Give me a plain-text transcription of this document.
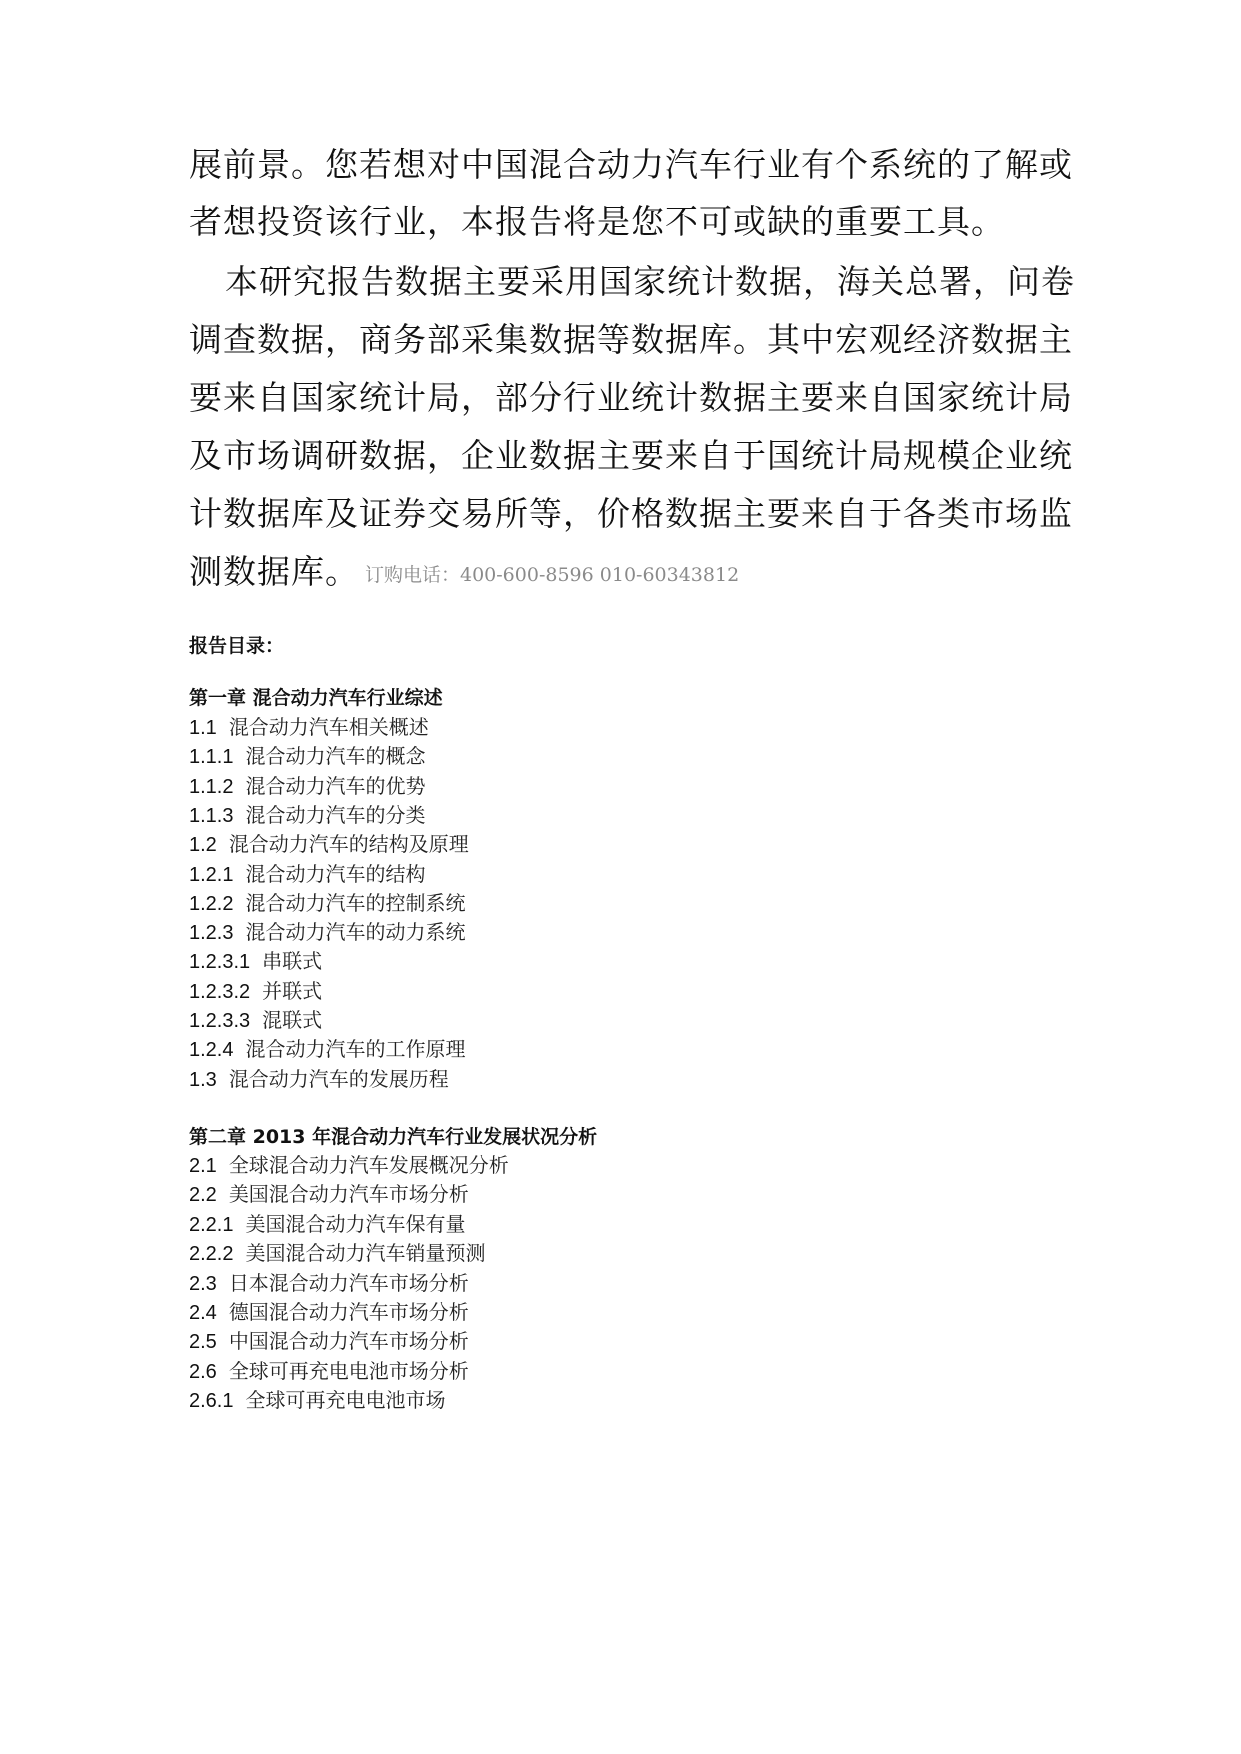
展前景。您若想对中国混合动力汽车行业有个系统的了解或
者想投资该行业，本报告将是您不可或缺的重要工具。
本研究报告数据主要采用国家统计数据，海关总署，问卷
调查数据，商务部采集数据等数据库。其中宏观经济数据主
要来自国家统计局，部分行业统计数据主要来自国家统计局
及市场调研数据，企业数据主要来自于国统计局规模企业统
计数据库及证券交易所等，价格数据主要来自于各类市场监
测数据库。 订购电话：400-600-8596 010-60343812
报告目录：
第一章 混合动力汽车行业综述
1.1 混合动力汽车相关概述
1.1.1 混合动力汽车的概念
1.1.2 混合动力汽车的优势
1.1.3 混合动力汽车的分类
1.2 混合动力汽车的结构及原理
1.2.1 混合动力汽车的结构
1.2.2 混合动力汽车的控制系统
1.2.3 混合动力汽车的动力系统
1.2.3.1 串联式
1.2.3.2 并联式
1.2.3.3 混联式
1.2.4 混合动力汽车的工作原理
1.3 混合动力汽车的发展历程
第二章 2013 年混合动力汽车行业发展状况分析
2.1 全球混合动力汽车发展概况分析
2.2 美国混合动力汽车市场分析
2.2.1 美国混合动力汽车保有量
2.2.2 美国混合动力汽车销量预测
2.3 日本混合动力汽车市场分析
2.4 德国混合动力汽车市场分析
2.5 中国混合动力汽车市场分析
2.6 全球可再充电电池市场分析
2.6.1 全球可再充电电池市场
